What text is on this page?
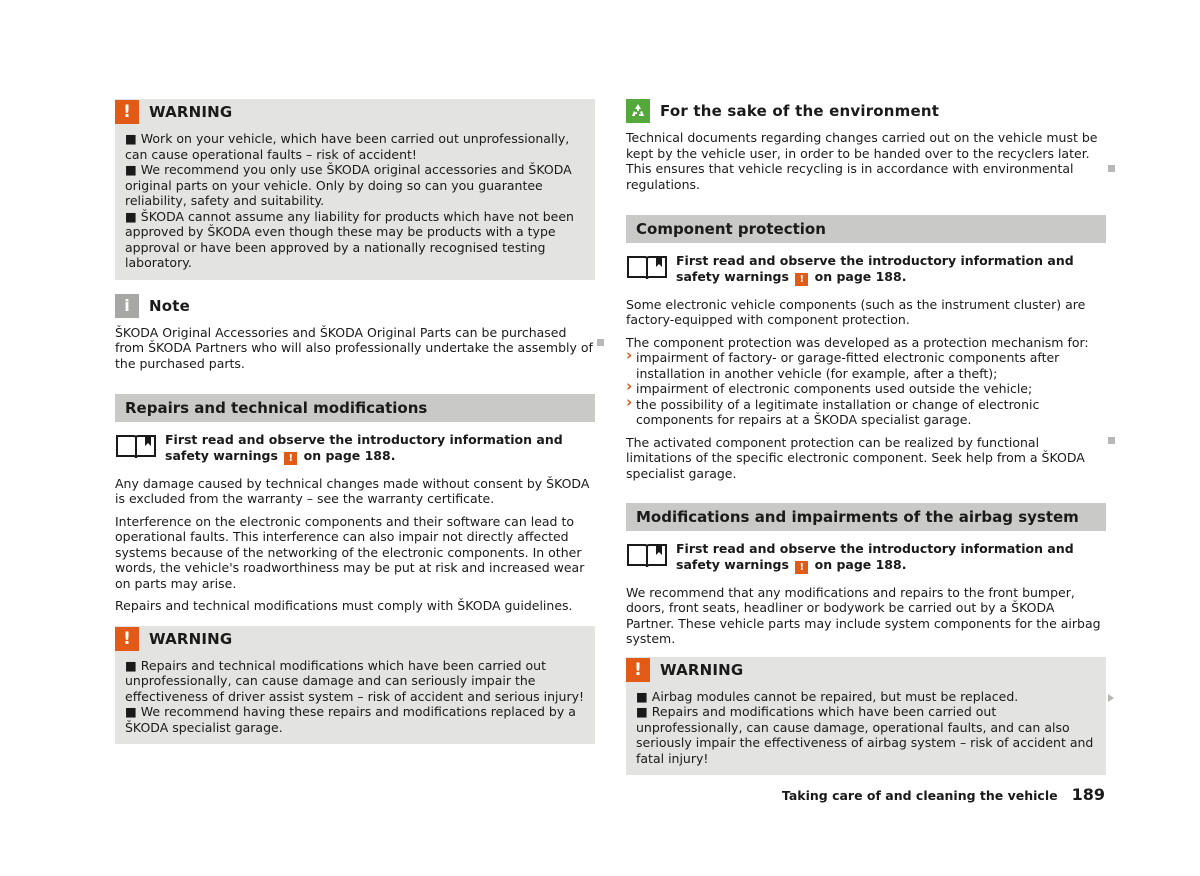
!	WARNING

■ Work on your vehicle, which have been carried out unprofessionally, can cause operational faults – risk of accident!

■ We recommend you only use ŠKODA original accessories and ŠKODA original parts on your vehicle. Only by doing so can you guarantee reliability, safety and suitability.

■ ŠKODA cannot assume any liability for products which have not been approved by ŠKODA even though these may be products with a type approval or have been approved by a nationally recognised testing laboratory.

i	Note

ŠKODA Original Accessories and ŠKODA Original Parts can be purchased from ŠKODA Partners who will also professionally undertake the assembly of the purchased parts.

Repairs and technical modifications
First read and observe the introductory information and safety warnings ! on page 188.

Any damage caused by technical changes made without consent by ŠKODA is excluded from the warranty – see the warranty certificate.

Interference on the electronic components and their software can lead to operational faults. This interference can also impair not directly affected systems because of the networking of the electronic components. In other words, the vehicle's roadworthiness may be put at risk and increased wear on parts may arise.

Repairs and technical modifications must comply with ŠKODA guidelines.

!	WARNING

■ Repairs and technical modifications which have been carried out unprofessionally, can cause damage and can seriously impair the effectiveness of driver assist system – risk of accident and serious injury!

■ We recommend having these repairs and modifications replaced by a ŠKODA specialist garage.

For the sake of the environment

Technical documents regarding changes carried out on the vehicle must be kept by the vehicle user, in order to be handed over to the recyclers later. This ensures that vehicle recycling is in accordance with environmental regulations.

Component protection
First read and observe the introductory information and safety warnings ! on page 188.

Some electronic vehicle components (such as the instrument cluster) are factory-equipped with component protection.

The component protection was developed as a protection mechanism for:

› impairment of factory- or garage-fitted electronic components after installation in another vehicle (for example, after a theft);
› impairment of electronic components used outside the vehicle;
› the possibility of a legitimate installation or change of electronic components for repairs at a ŠKODA specialist garage.

The activated component protection can be realized by functional limitations of the specific electronic component. Seek help from a ŠKODA specialist garage.

Modifications and impairments of the airbag system
First read and observe the introductory information and safety warnings ! on page 188.

We recommend that any modifications and repairs to the front bumper, doors, front seats, headliner or bodywork be carried out by a ŠKODA Partner. These vehicle parts may include system components for the airbag system.

!	WARNING

■ Airbag modules cannot be repaired, but must be replaced.

■ Repairs and modifications which have been carried out unprofessionally, can cause damage, operational faults, and can also seriously impair the effectiveness of airbag system – risk of accident and fatal injury!

Taking care of and cleaning the vehicle 189
